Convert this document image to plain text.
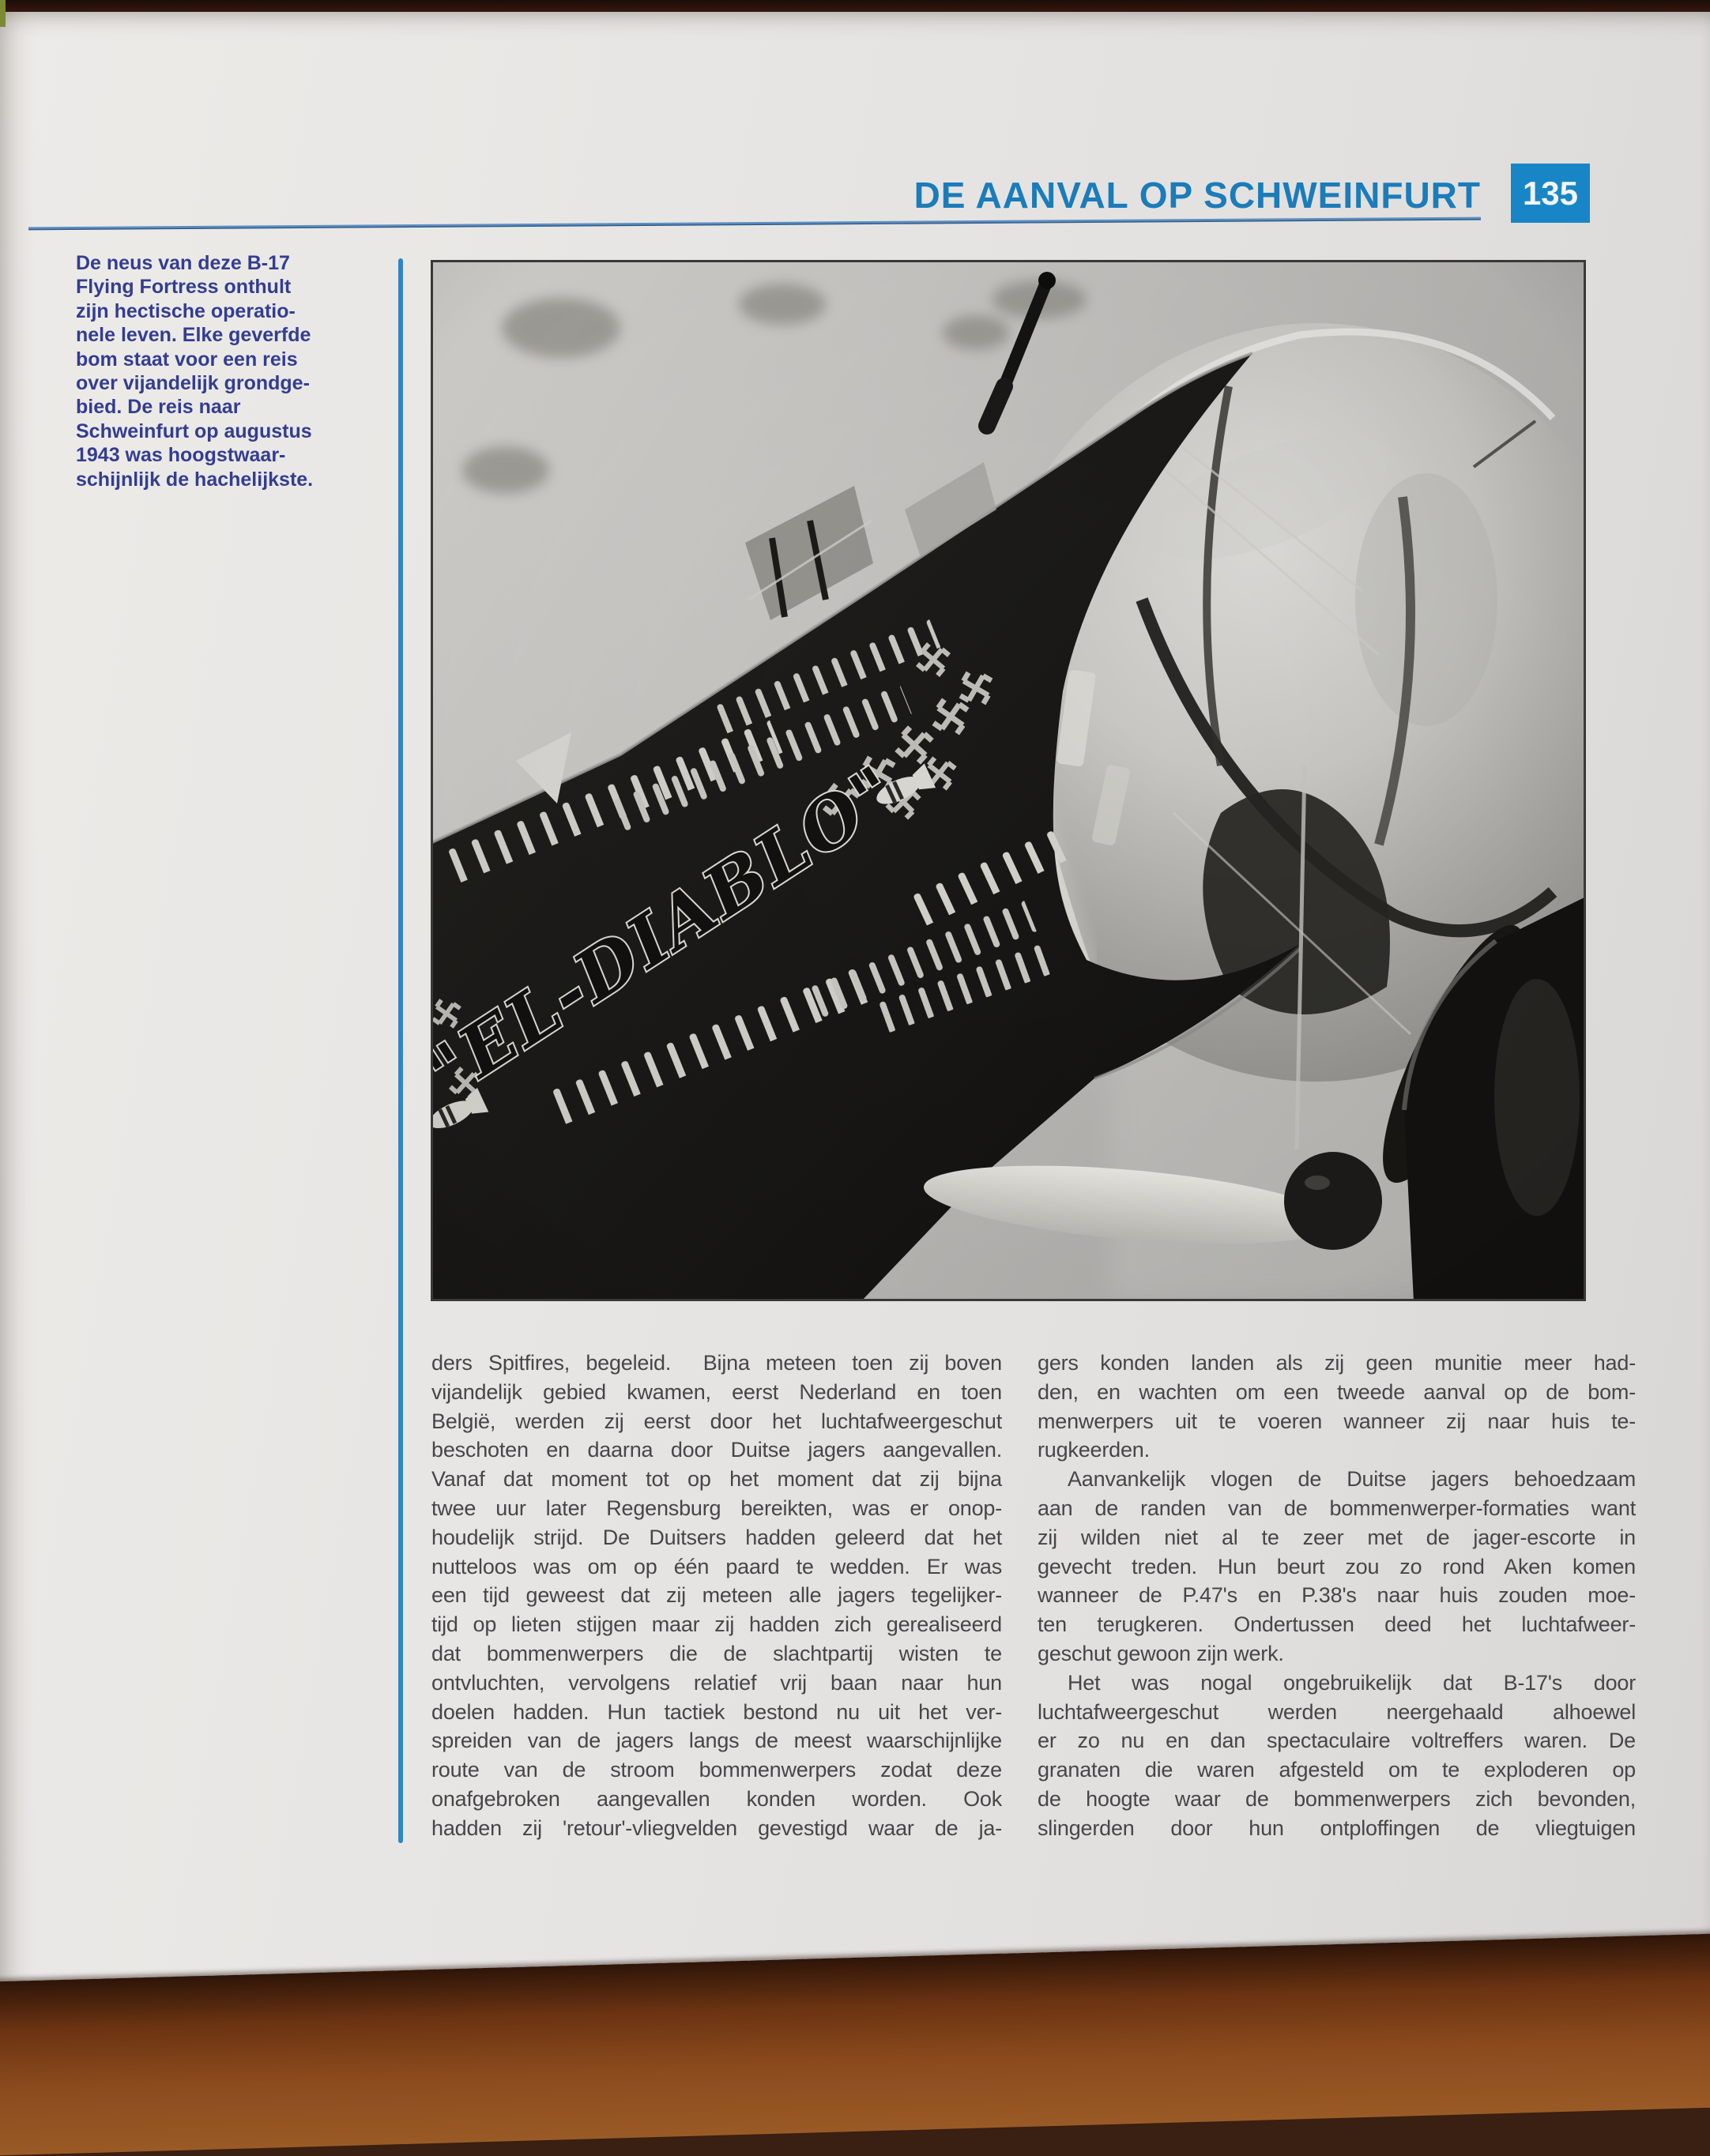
DE AANVAL OP SCHWEINFURT	135
De neus van deze B-17
Flying Fortress onthult
zijn hectische operatio-
nele leven. Elke geverfde
bom staat voor een reis
over vijandelijk grondge-
bied. De reis naar
Schweinfurt op augustus
1943 was hoogstwaar-
schijnlijk de hachelijkste.
ders Spitfires, begeleid.  Bijna meteen toen zij boven
vijandelijk gebied kwamen, eerst Nederland en toen
België, werden zij eerst door het luchtafweergeschut
beschoten en daarna door Duitse jagers aangevallen.
Vanaf dat moment tot op het moment dat zij bijna
twee uur later Regensburg bereikten, was er onop-
houdelijk strijd. De Duitsers hadden geleerd dat het
nutteloos was om op één paard te wedden. Er was
een tijd geweest dat zij meteen alle jagers tegelijker-
tijd op lieten stijgen maar zij hadden zich gerealiseerd
dat bommenwerpers die de slachtpartij wisten te
ontvluchten, vervolgens relatief vrij baan naar hun
doelen hadden. Hun tactiek bestond nu uit het ver-
spreiden van de jagers langs de meest waarschijnlijke
route van de stroom bommenwerpers zodat deze
onafgebroken aangevallen konden worden. Ook
hadden zij 'retour'-vliegvelden gevestigd waar de ja-
gers konden landen als zij geen munitie meer had-
den, en wachten om een tweede aanval op de bom-
menwerpers uit te voeren wanneer zij naar huis te-
rugkeerden.
Aanvankelijk vlogen de Duitse jagers behoedzaam
aan de randen van de bommenwerper-formaties want
zij wilden niet al te zeer met de jager-escorte in
gevecht treden. Hun beurt zou zo rond Aken komen
wanneer de P.47's en P.38's naar huis zouden moe-
ten terugkeren. Ondertussen deed het luchtafweer-
geschut gewoon zijn werk.
Het was nogal ongebruikelijk dat B-17's door
luchtafweergeschut werden neergehaald alhoewel
er zo nu en dan spectaculaire voltreffers waren. De
granaten die waren afgesteld om te exploderen op
de hoogte waar de bommenwerpers zich bevonden,
slingerden door hun ontploffingen de vliegtuigen
